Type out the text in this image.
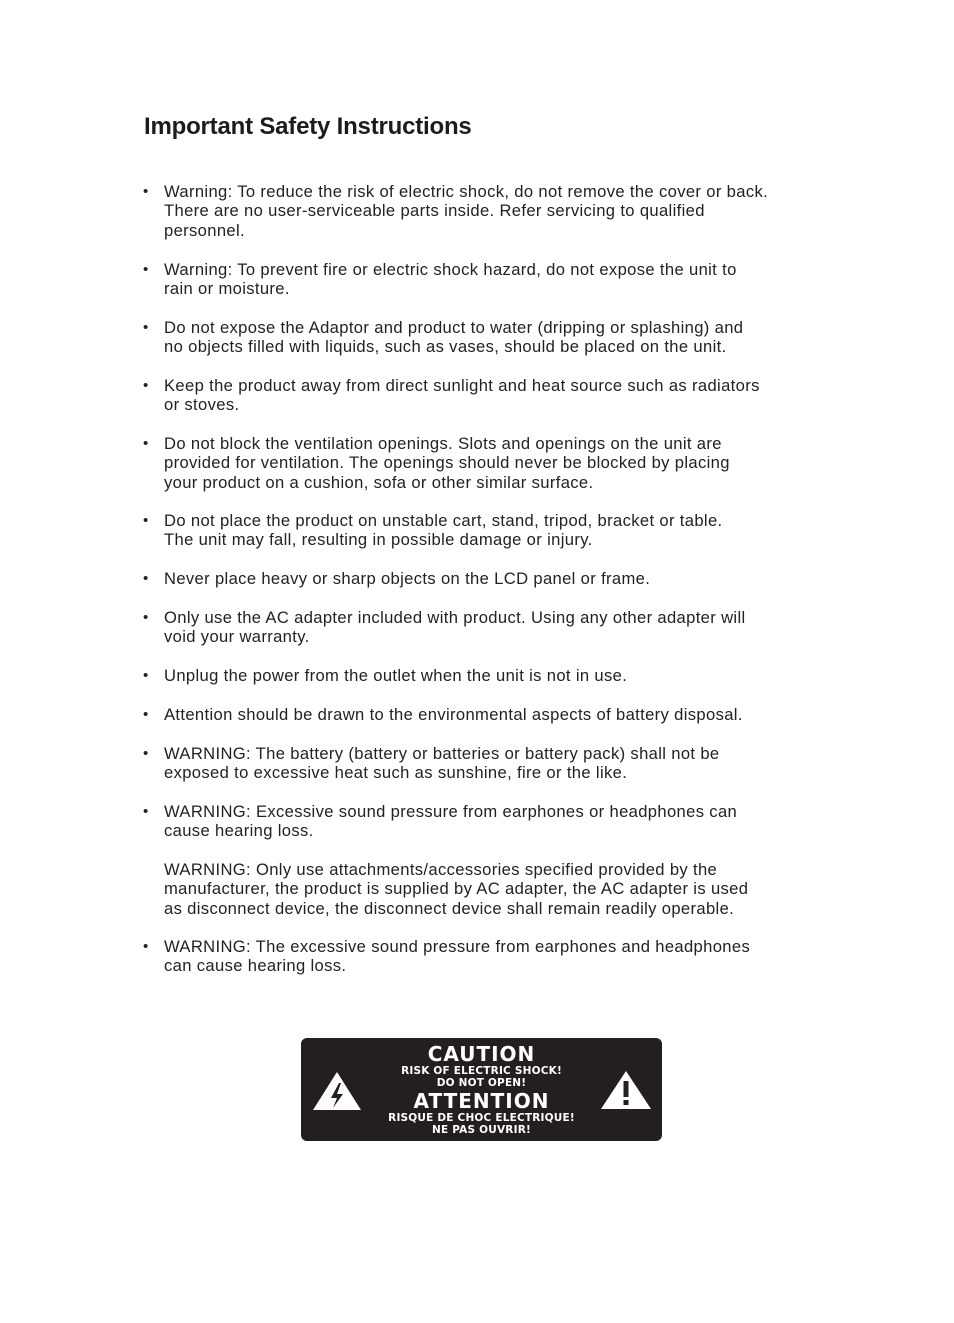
Important Safety Instructions
• Warning: To reduce the risk of electric shock, do not remove the cover or back.
There are no user-serviceable parts inside. Refer servicing to qualified
personnel.
• Warning: To prevent fire or electric shock hazard, do not expose the unit to
rain or moisture.
• Do not expose the Adaptor and product to water (dripping or splashing) and
no objects filled with liquids, such as vases, should be placed on the unit.
• Keep the product away from direct sunlight and heat source such as radiators
or stoves.
• Do not block the ventilation openings. Slots and openings on the unit are
provided for ventilation. The openings should never be blocked by placing
your product on a cushion, sofa or other similar surface.
• Do not place the product on unstable cart, stand, tripod, bracket or table.
The unit may fall, resulting in possible damage or injury.
• Never place heavy or sharp objects on the LCD panel or frame.
• Only use the AC adapter included with product. Using any other adapter will
void your warranty.
• Unplug the power from the outlet when the unit is not in use.
• Attention should be drawn to the environmental aspects of battery disposal.
• WARNING: The battery (battery or batteries or battery pack) shall not be
exposed to excessive heat such as sunshine, fire or the like.
• WARNING: Excessive sound pressure from earphones or headphones can
cause hearing loss.
WARNING: Only use attachments/accessories specified provided by the
manufacturer, the product is supplied by AC adapter, the AC adapter is used
as disconnect device, the disconnect device shall remain readily operable.
• WARNING: The excessive sound pressure from earphones and headphones
can cause hearing loss.
CAUTION
RISK OF ELECTRIC SHOCK!
DO NOT OPEN!
ATTENTION
RISQUE DE CHOC ELECTRIQUE!
NE PAS OUVRIR!
